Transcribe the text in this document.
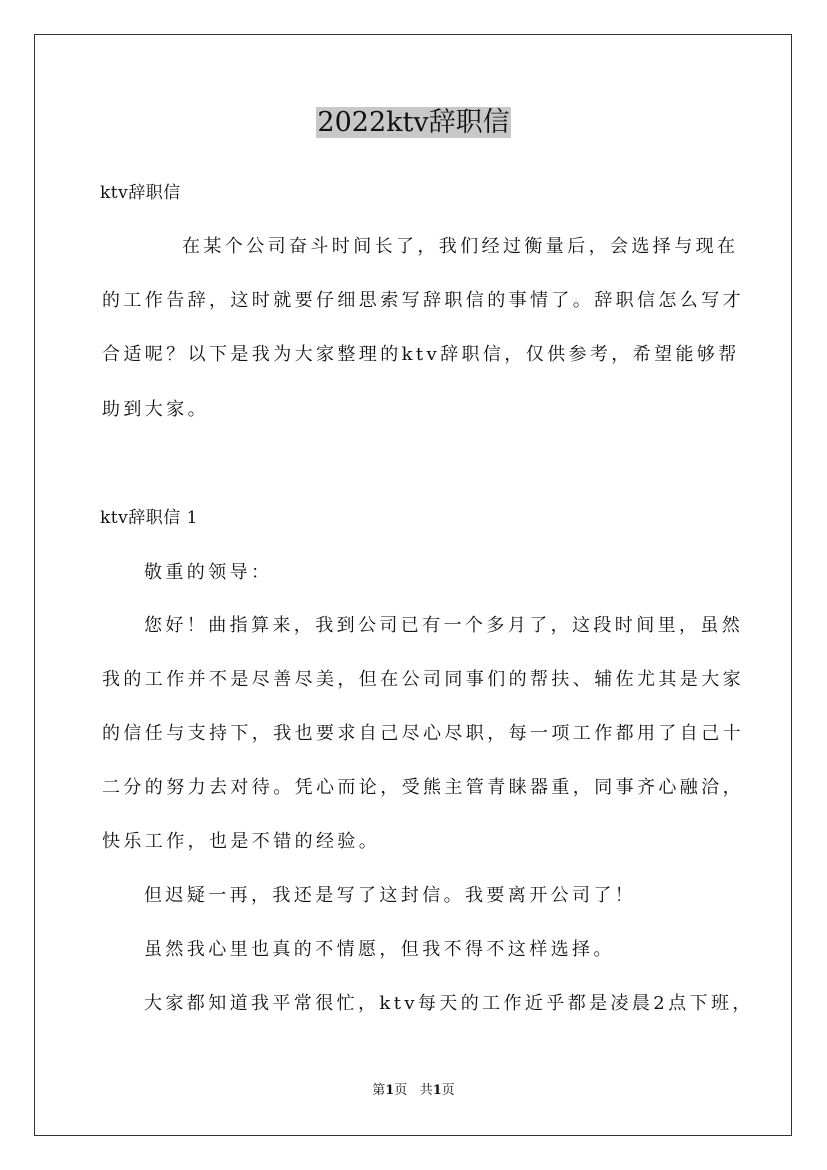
2022ktv辞职信
ktv辞职信

在某个公司奋斗时间长了，我们经过衡量后，会选择与现在

的工作告辞，这时就要仔细思索写辞职信的事情了。辞职信怎么写才

合适呢？以下是我为大家整理的ktv辞职信，仅供参考，希望能够帮

助到大家。

ktv辞职信 1

敬重的领导：

您好！曲指算来，我到公司已有一个多月了，这段时间里，虽然

我的工作并不是尽善尽美，但在公司同事们的帮扶、辅佐尤其是大家

的信任与支持下，我也要求自己尽心尽职，每一项工作都用了自己十

二分的努力去对待。凭心而论，受熊主管青睐器重，同事齐心融洽，

快乐工作，也是不错的经验。

但迟疑一再，我还是写了这封信。我要离开公司了！

虽然我心里也真的不情愿，但我不得不这样选择。

大家都知道我平常很忙，ktv每天的工作近乎都是凌晨2点下班，

第1页 共1页
